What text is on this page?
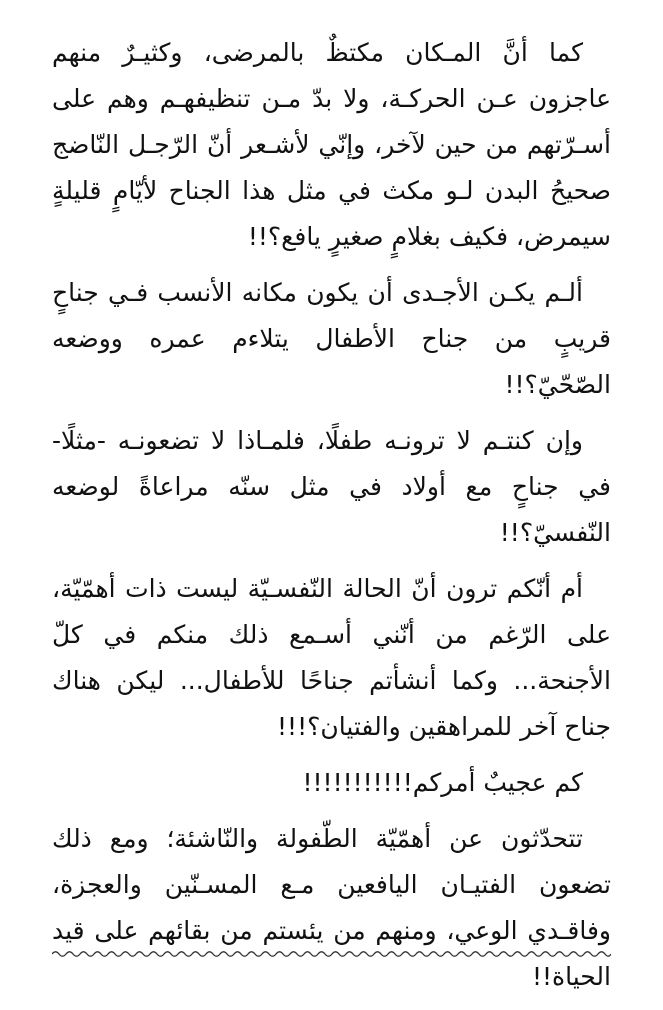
كما أنَّ المـكان مكتظٌ بالمرضى، وكثيـرٌ منهم عاجزون عـن الحركـة، ولا بدّ مـن تنظيفهـم وهم على أسـرّتهم من حين لآخر، وإنّي لأشـعر أنّ الرّجـل النّاضج صحيحُ البدن لـو مكث في مثل هذا الجناح لأيّامٍ قليلةٍ سيمرض، فكيف بغلامٍ صغيرٍ يافع؟!!

ألـم يكـن الأجـدى أن يكون مكانه الأنسب فـي جناحٍ قريبٍ من جناح الأطفال يتلاءم عمره ووضعه الصّحّيّ؟!!

وإن كنتـم لا ترونـه طفلًا، فلمـاذا لا تضعونـه -مثلًا- في جناحٍ مع أولاد في مثل سنّه مراعاةً لوضعه النّفسيّ؟!!

أم أنّكم ترون أنّ الحالة النّفسـيّة ليست ذات أهمّيّة، على الرّغم من أنّني أسـمع ذلك منكم في كلّ الأجنحة... وكما أنشأتم جناحًا للأطفال... ليكن هناك جناح آخر للمراهقين والفتيان؟!!!

كم عجيبٌ أمركم!!!!!!!!!!!

تتحدّثون عن أهمّيّة الطّفولة والنّاشئة؛ ومع ذلك تضعون الفتيـان اليافعين مـع المسـنّين والعجزة، وفاقـدي الوعي، ومنهم من يئستم من بقائهم على قيد الحياة!!
